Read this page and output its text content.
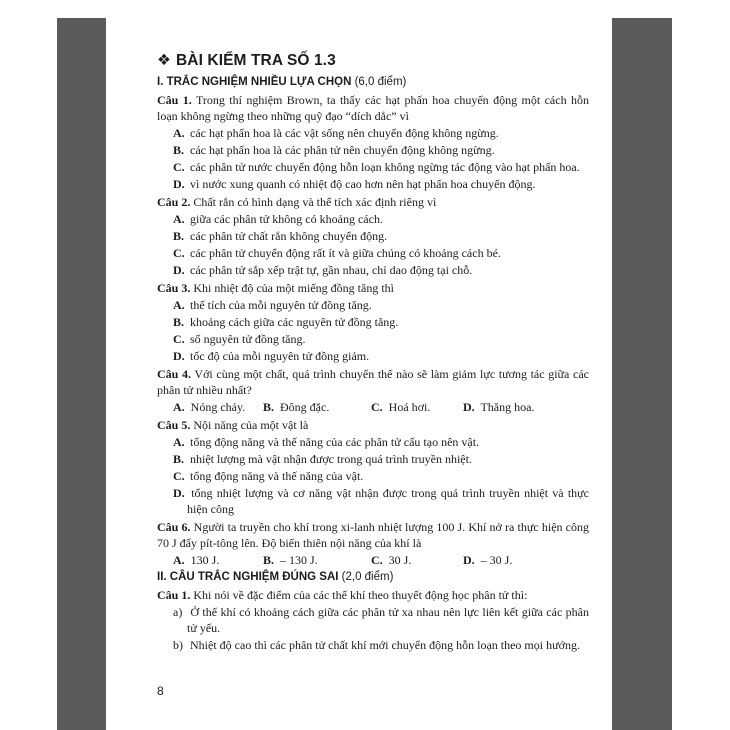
❖ BÀI KIỂM TRA SỐ 1.3
I. TRẮC NGHIỆM NHIỀU LỰA CHỌN (6,0 điểm)

Câu 1. Trong thí nghiệm Brown, ta thấy các hạt phấn hoa chuyển động một cách hỗn loạn không ngừng theo những quỹ đạo “dích dắc” vì

A. các hạt phấn hoa là các vật sống nên chuyển động không ngừng.
B. các hạt phấn hoa là các phân tử nên chuyển động không ngừng.
C. các phân tử nước chuyển động hỗn loạn không ngừng tác động vào hạt phấn hoa.
D. vì nước xung quanh có nhiệt độ cao hơn nên hạt phấn hoa chuyển động.

Câu 2. Chất rắn có hình dạng và thể tích xác định riêng vì

A. giữa các phân tử không có khoảng cách.
B. các phân tử chất rắn không chuyển động.
C. các phân tử chuyển động rất ít và giữa chúng có khoảng cách bé.
D. các phân tử sắp xếp trật tự, gần nhau, chỉ dao động tại chỗ.

Câu 3. Khi nhiệt độ của một miếng đồng tăng thì

A. thể tích của mỗi nguyên tử đồng tăng.
B. khoảng cách giữa các nguyên tử đồng tăng.
C. số nguyên tử đồng tăng.
D. tốc độ của mỗi nguyên tử đồng giảm.

Câu 4. Với cùng một chất, quá trình chuyển thể nào sẽ làm giảm lực tương tác giữa các phân tử nhiều nhất?

A. Nóng chảy.	B. Đông đặc.	C. Hoá hơi.	D. Thăng hoa.

Câu 5. Nội năng của một vật là

A. tổng động năng và thế năng của các phân tử cấu tạo nên vật.
B. nhiệt lượng mà vật nhận được trong quá trình truyền nhiệt.
C. tổng động năng và thế năng của vật.
D. tổng nhiệt lượng và cơ năng vật nhận được trong quá trình truyền nhiệt và thực hiện công

Câu 6. Người ta truyền cho khí trong xi-lanh nhiệt lượng 100 J. Khí nở ra thực hiện công 70 J đẩy pít-tông lên. Độ biến thiên nội năng của khí là

A. 130 J.	B. – 130 J.	C. 30 J.	D. – 30 J.
II. CÂU TRẮC NGHIỆM ĐÚNG SAI (2,0 điểm)

Câu 1. Khi nói về đặc điểm của các thể khí theo thuyết động học phân tử thì:

a) Ở thể khí có khoảng cách giữa các phân tử xa nhau nên lực liên kết giữa các phân tử yếu.
b) Nhiệt độ cao thì các phân tử chất khí mới chuyển động hỗn loạn theo mọi hướng.
8
